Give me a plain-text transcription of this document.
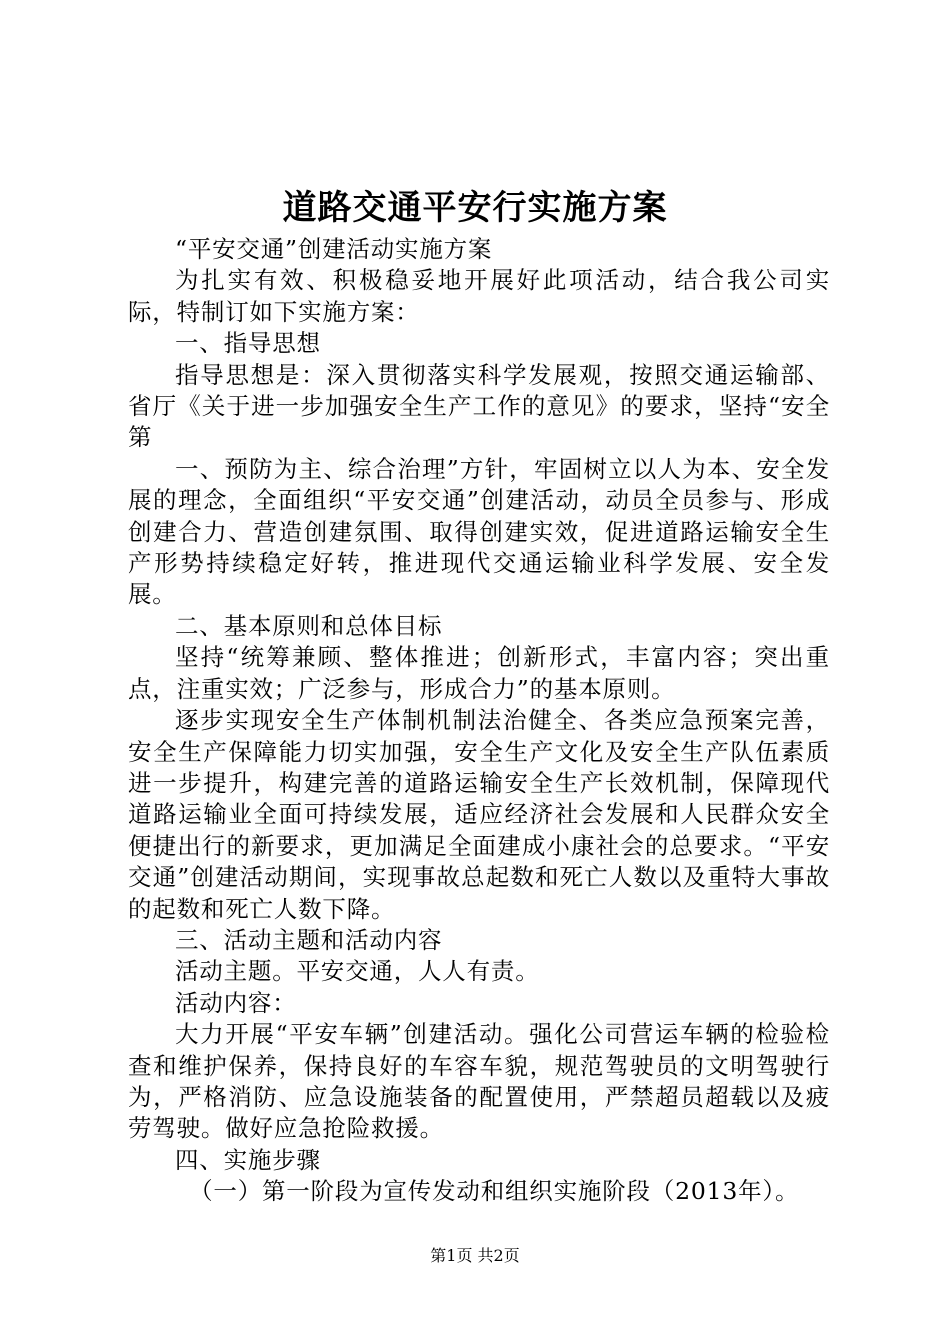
道路交通平安行实施方案

“平安交通”创建活动实施方案

为扎实有效、积极稳妥地开展好此项活动，结合我公司实际，特制订如下实施方案：

一、指导思想

指导思想是：深入贯彻落实科学发展观，按照交通运输部、省厅《关于进一步加强安全生产工作的意见》的要求，坚持“安全第

一、预防为主、综合治理”方针，牢固树立以人为本、安全发展的理念，全面组织“平安交通”创建活动，动员全员参与、形成创建合力、营造创建氛围、取得创建实效，促进道路运输安全生产形势持续稳定好转，推进现代交通运输业科学发展、安全发展。

二、基本原则和总体目标

坚持“统筹兼顾、整体推进；创新形式，丰富内容；突出重点，注重实效；广泛参与，形成合力”的基本原则。

逐步实现安全生产体制机制法治健全、各类应急预案完善，安全生产保障能力切实加强，安全生产文化及安全生产队伍素质进一步提升，构建完善的道路运输安全生产长效机制，保障现代道路运输业全面可持续发展，适应经济社会发展和人民群众安全便捷出行的新要求，更加满足全面建成小康社会的总要求。“平安交通”创建活动期间，实现事故总起数和死亡人数以及重特大事故的起数和死亡人数下降。

三、活动主题和活动内容

活动主题。平安交通，人人有责。

活动内容：

大力开展“平安车辆”创建活动。强化公司营运车辆的检验检查和维护保养，保持良好的车容车貌，规范驾驶员的文明驾驶行为，严格消防、应急设施装备的配置使用，严禁超员超载以及疲劳驾驶。做好应急抢险救援。

四、实施步骤

（一）第一阶段为宣传发动和组织实施阶段（2013年）。

第1页 共2页
